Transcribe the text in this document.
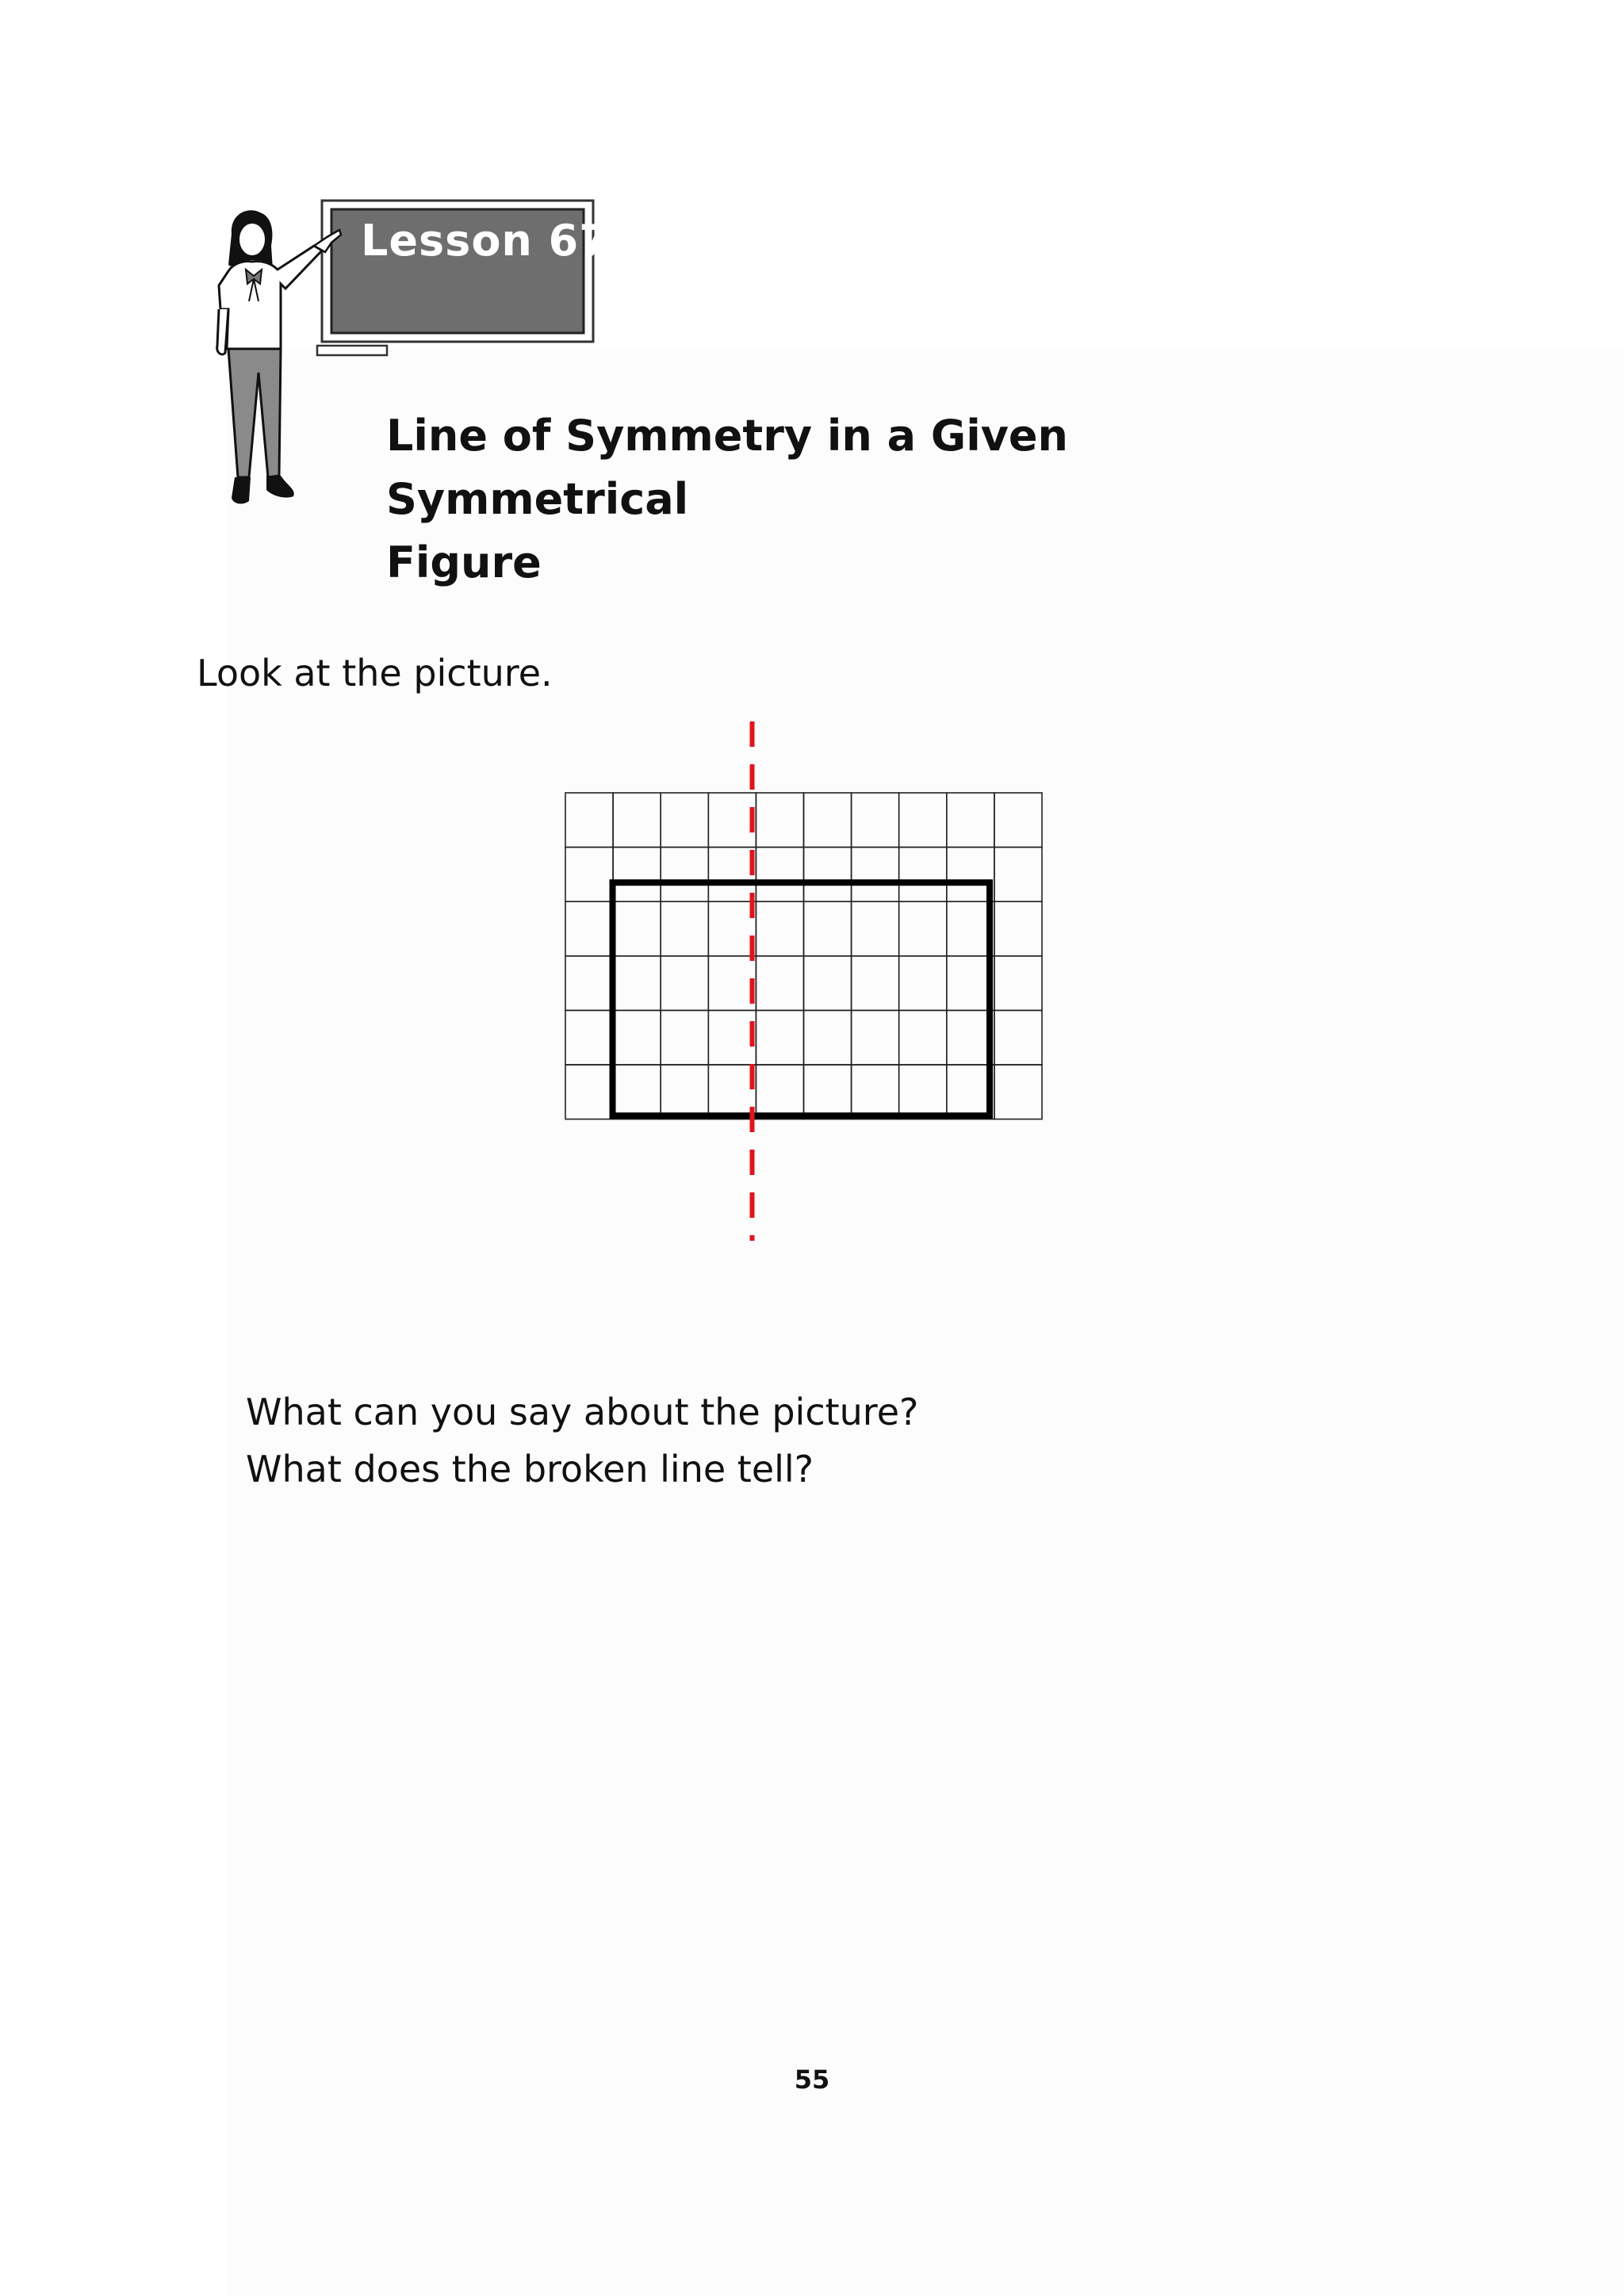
Lesson 67
Line of Symmetry in a Given Symmetrical
Figure
Look at the picture.
What can you say about the picture?
What does the broken line tell?
55
